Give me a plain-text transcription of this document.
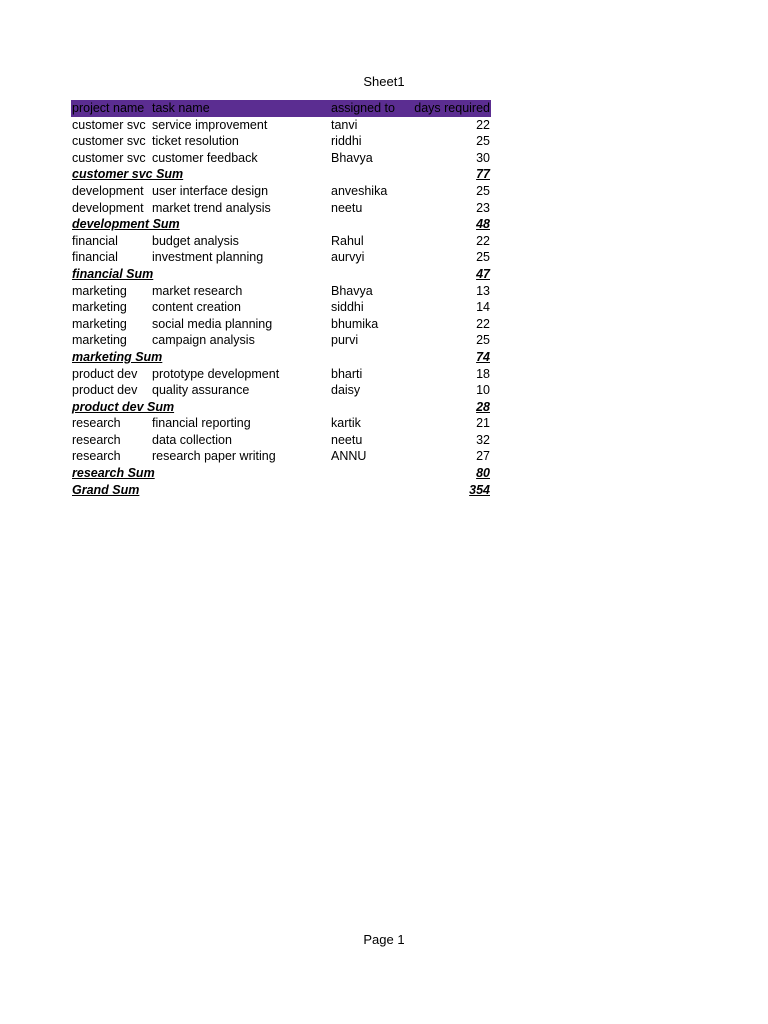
Sheet1
project name	task name	assigned to	days required
customer svc	service improvement	tanvi	22
customer svc	ticket resolution	riddhi	25
customer svc	customer feedback	Bhavya	30
customer svc Sum			77
development	user interface design	anveshika	25
development	market trend analysis	neetu	23
development Sum			48
financial	budget analysis	Rahul	22
financial	investment planning	aurvyi	25
financial Sum			47
marketing	market research	Bhavya	13
marketing	content creation	siddhi	14
marketing	social media planning	bhumika	22
marketing	campaign analysis	purvi	25
marketing Sum			74
product dev	prototype development	bharti	18
product dev	quality assurance	daisy	10
product dev Sum			28
research	financial reporting	kartik	21
research	data collection	neetu	32
research	research paper writing	ANNU	27
research Sum			80
Grand Sum			354
Page 1
